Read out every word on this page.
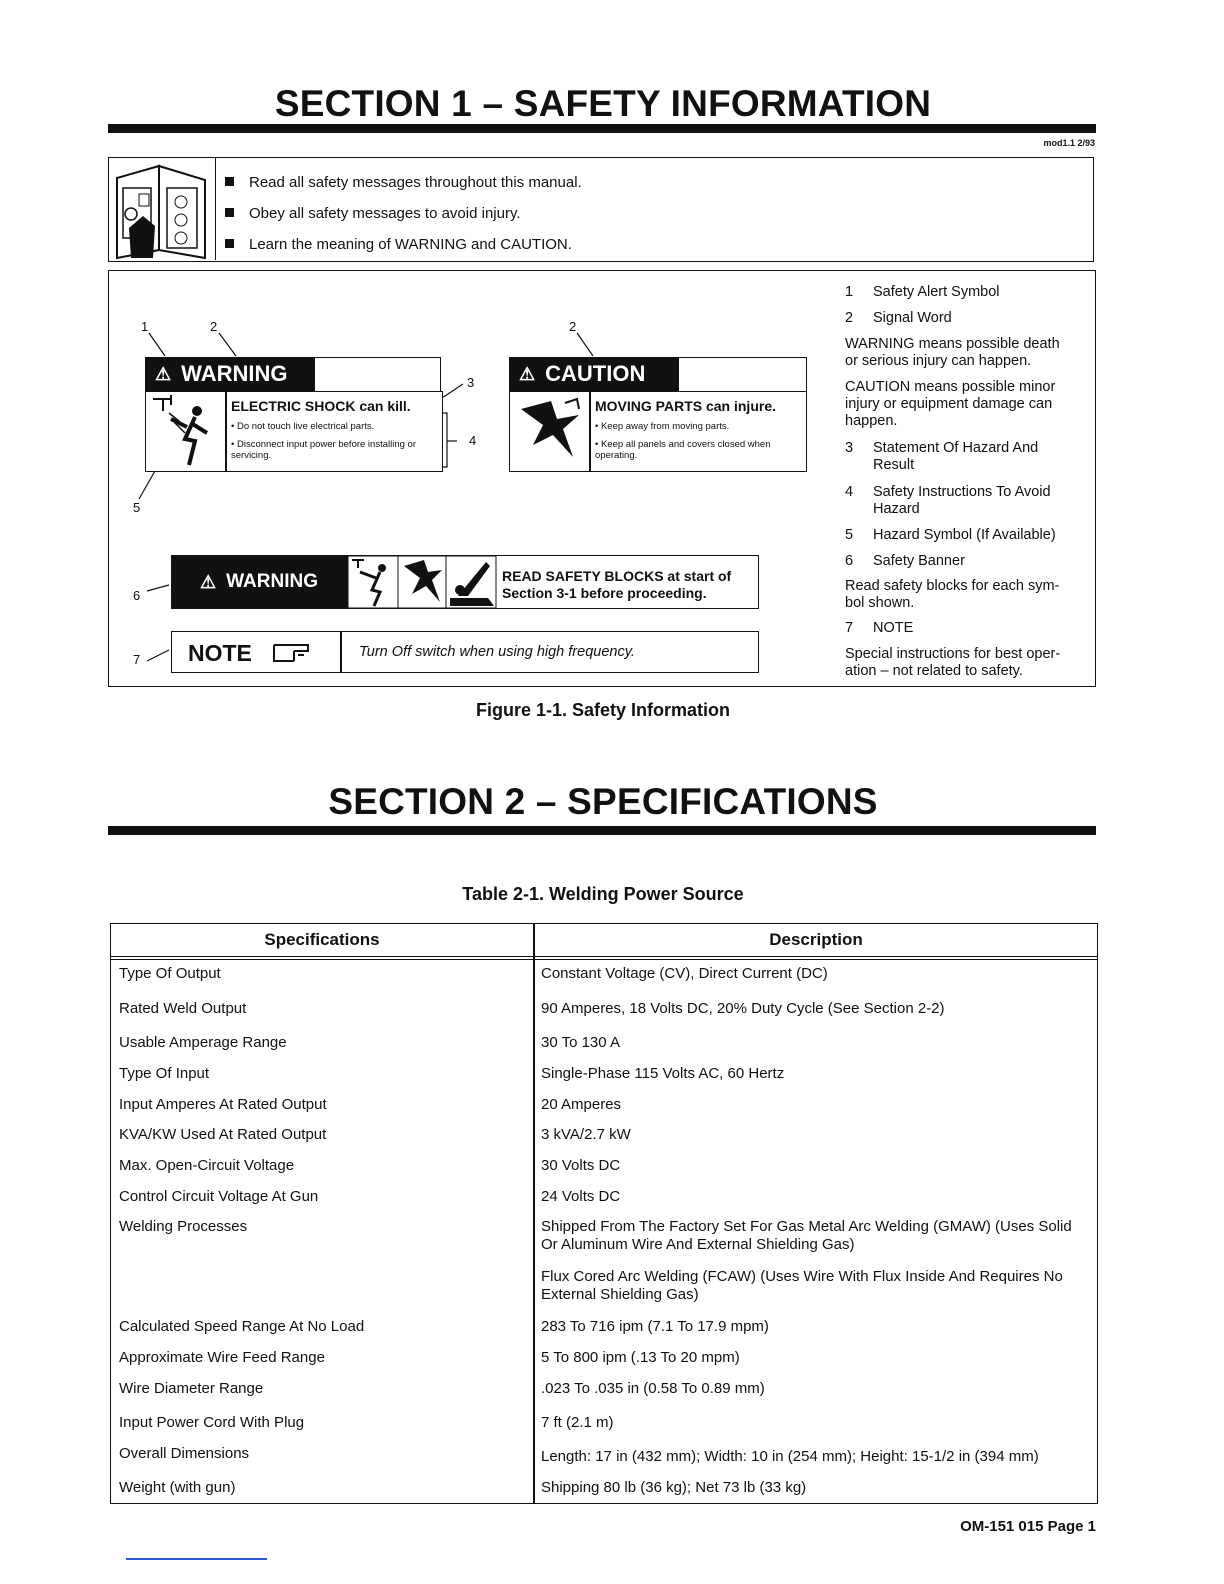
SECTION 1 – SAFETY INFORMATION
mod1.1 2/93
Read all safety messages throughout this manual.
Obey all safety messages to avoid injury.
Learn the meaning of WARNING and CAUTION.
1	2	2
3
4
5
6
7
⚠ WARNING
ELECTRIC SHOCK can kill.
• Do not touch live electrical parts.
• Disconnect input power before installing or servicing.
⚠ CAUTION
MOVING PARTS can injure.
• Keep away from moving parts.
• Keep all panels and covers closed when operating.
⚠ WARNING	READ SAFETY BLOCKS at start of
Section 3-1 before proceeding.
NOTE	Turn Off switch when using high frequency.
1 Safety Alert Symbol
2 Signal Word
WARNING means possible death
or serious injury can happen.
CAUTION means possible minor
injury or equipment damage can
happen.
3 Statement Of Hazard And
Result
4 Safety Instructions To Avoid
Hazard
5 Hazard Symbol (If Available)
6 Safety Banner
Read safety blocks for each sym-
bol shown.
7 NOTE
Special instructions for best oper-
ation – not related to safety.
Figure 1-1. Safety Information
SECTION 2 – SPECIFICATIONS
Table 2-1. Welding Power Source
Specifications	Description
Type Of Output	Constant Voltage (CV), Direct Current (DC)
Rated Weld Output	90 Amperes, 18 Volts DC, 20% Duty Cycle (See Section 2-2)
Usable Amperage Range	30 To 130 A
Type Of Input	Single-Phase 115 Volts AC, 60 Hertz
Input Amperes At Rated Output	20 Amperes
KVA/KW Used At Rated Output	3 kVA/2.7 kW
Max. Open-Circuit Voltage	30 Volts DC
Control Circuit Voltage At Gun	24 Volts DC
Welding Processes	Shipped From The Factory Set For Gas Metal Arc Welding (GMAW) (Uses Solid Or Aluminum Wire And External Shielding Gas)
Flux Cored Arc Welding (FCAW) (Uses Wire With Flux Inside And Requires No External Shielding Gas)
Calculated Speed Range At No Load	283 To 716 ipm (7.1 To 17.9 mpm)
Approximate Wire Feed Range	5 To 800 ipm (.13 To 20 mpm)
Wire Diameter Range	.023 To .035 in (0.58 To 0.89 mm)
Input Power Cord With Plug	7 ft (2.1 m)
Overall Dimensions	Length: 17 in (432 mm); Width: 10 in (254 mm); Height: 15-1/2 in (394 mm)
Weight (with gun)	Shipping 80 lb (36 kg); Net 73 lb (33 kg)
OM-151 015 Page 1
